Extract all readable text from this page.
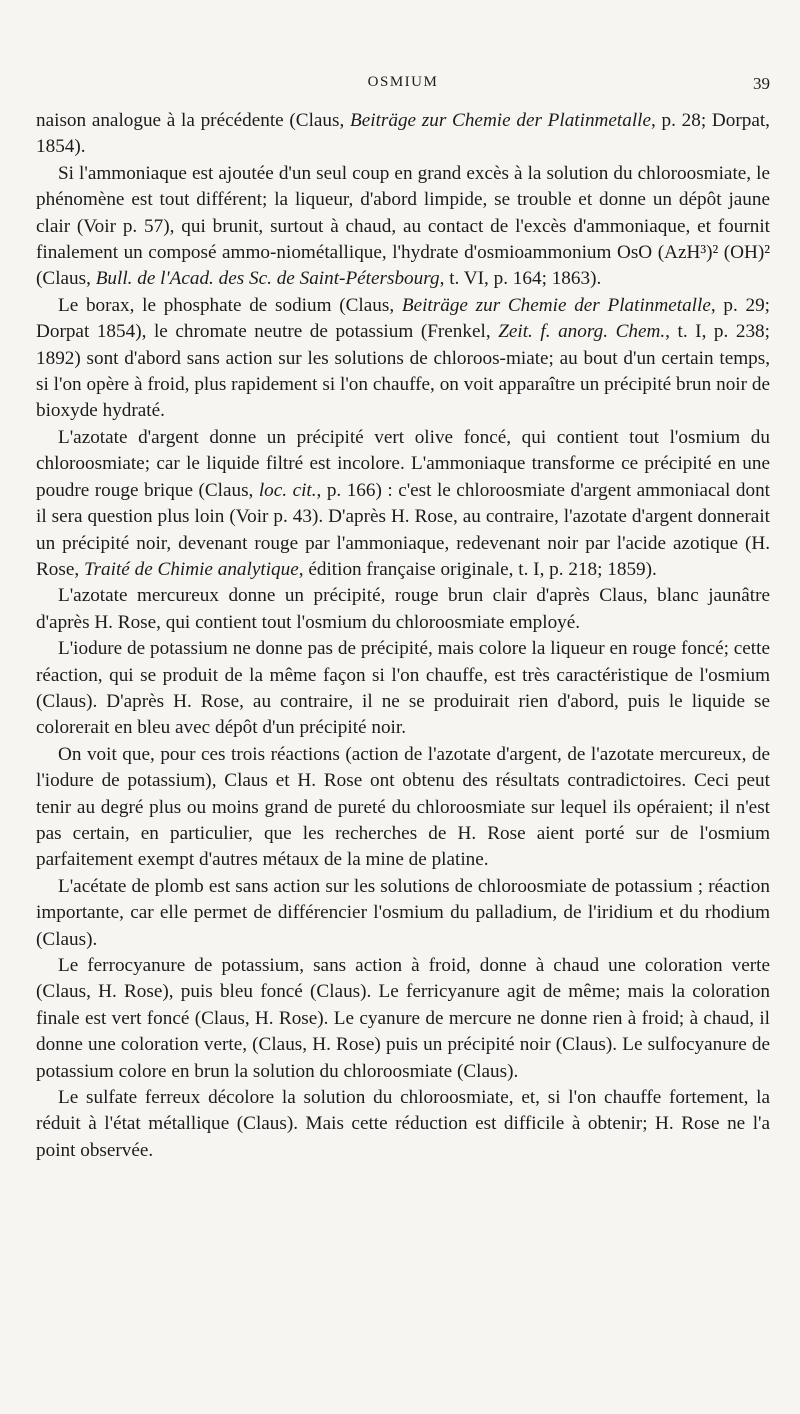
OSMIUM	39

naison analogue à la précédente (Claus, Beiträge zur Chemie der Platinmetalle, p. 28; Dorpat, 1854).

Si l'ammoniaque est ajoutée d'un seul coup en grand excès à la solution du chloroosmiate, le phénomène est tout différent; la liqueur, d'abord limpide, se trouble et donne un dépôt jaune clair (Voir p. 57), qui brunit, surtout à chaud, au contact de l'excès d'ammoniaque, et fournit finalement un composé ammo-niométallique, l'hydrate d'osmioammonium OsO (AzH³)² (OH)² (Claus, Bull. de l'Acad. des Sc. de Saint-Pétersbourg, t. VI, p. 164; 1863).

Le borax, le phosphate de sodium (Claus, Beiträge zur Chemie der Platinmetalle, p. 29; Dorpat 1854), le chromate neutre de potassium (Frenkel, Zeit. f. anorg. Chem., t. I, p. 238; 1892) sont d'abord sans action sur les solutions de chloroos-miate; au bout d'un certain temps, si l'on opère à froid, plus rapidement si l'on chauffe, on voit apparaître un précipité brun noir de bioxyde hydraté.

L'azotate d'argent donne un précipité vert olive foncé, qui contient tout l'osmium du chloroosmiate; car le liquide filtré est incolore. L'ammoniaque transforme ce précipité en une poudre rouge brique (Claus, loc. cit., p. 166) : c'est le chloroosmiate d'argent ammoniacal dont il sera question plus loin (Voir p. 43). D'après H. Rose, au contraire, l'azotate d'argent donnerait un précipité noir, devenant rouge par l'ammoniaque, redevenant noir par l'acide azotique (H. Rose, Traité de Chimie analytique, édition française originale, t. I, p. 218; 1859).

L'azotate mercureux donne un précipité, rouge brun clair d'après Claus, blanc jaunâtre d'après H. Rose, qui contient tout l'osmium du chloroosmiate employé.

L'iodure de potassium ne donne pas de précipité, mais colore la liqueur en rouge foncé; cette réaction, qui se produit de la même façon si l'on chauffe, est très caractéristique de l'osmium (Claus). D'après H. Rose, au contraire, il ne se produirait rien d'abord, puis le liquide se colorerait en bleu avec dépôt d'un précipité noir.

On voit que, pour ces trois réactions (action de l'azotate d'argent, de l'azotate mercureux, de l'iodure de potassium), Claus et H. Rose ont obtenu des résultats contradictoires. Ceci peut tenir au degré plus ou moins grand de pureté du chloroosmiate sur lequel ils opéraient; il n'est pas certain, en particulier, que les recherches de H. Rose aient porté sur de l'osmium parfaitement exempt d'autres métaux de la mine de platine.

L'acétate de plomb est sans action sur les solutions de chloroosmiate de potassium ; réaction importante, car elle permet de différencier l'osmium du palladium, de l'iridium et du rhodium (Claus).

Le ferrocyanure de potassium, sans action à froid, donne à chaud une coloration verte (Claus, H. Rose), puis bleu foncé (Claus). Le ferricyanure agit de même; mais la coloration finale est vert foncé (Claus, H. Rose). Le cyanure de mercure ne donne rien à froid; à chaud, il donne une coloration verte, (Claus, H. Rose) puis un précipité noir (Claus). Le sulfocyanure de potassium colore en brun la solution du chloroosmiate (Claus).

Le sulfate ferreux décolore la solution du chloroosmiate, et, si l'on chauffe fortement, la réduit à l'état métallique (Claus). Mais cette réduction est difficile à obtenir; H. Rose ne l'a point observée.
